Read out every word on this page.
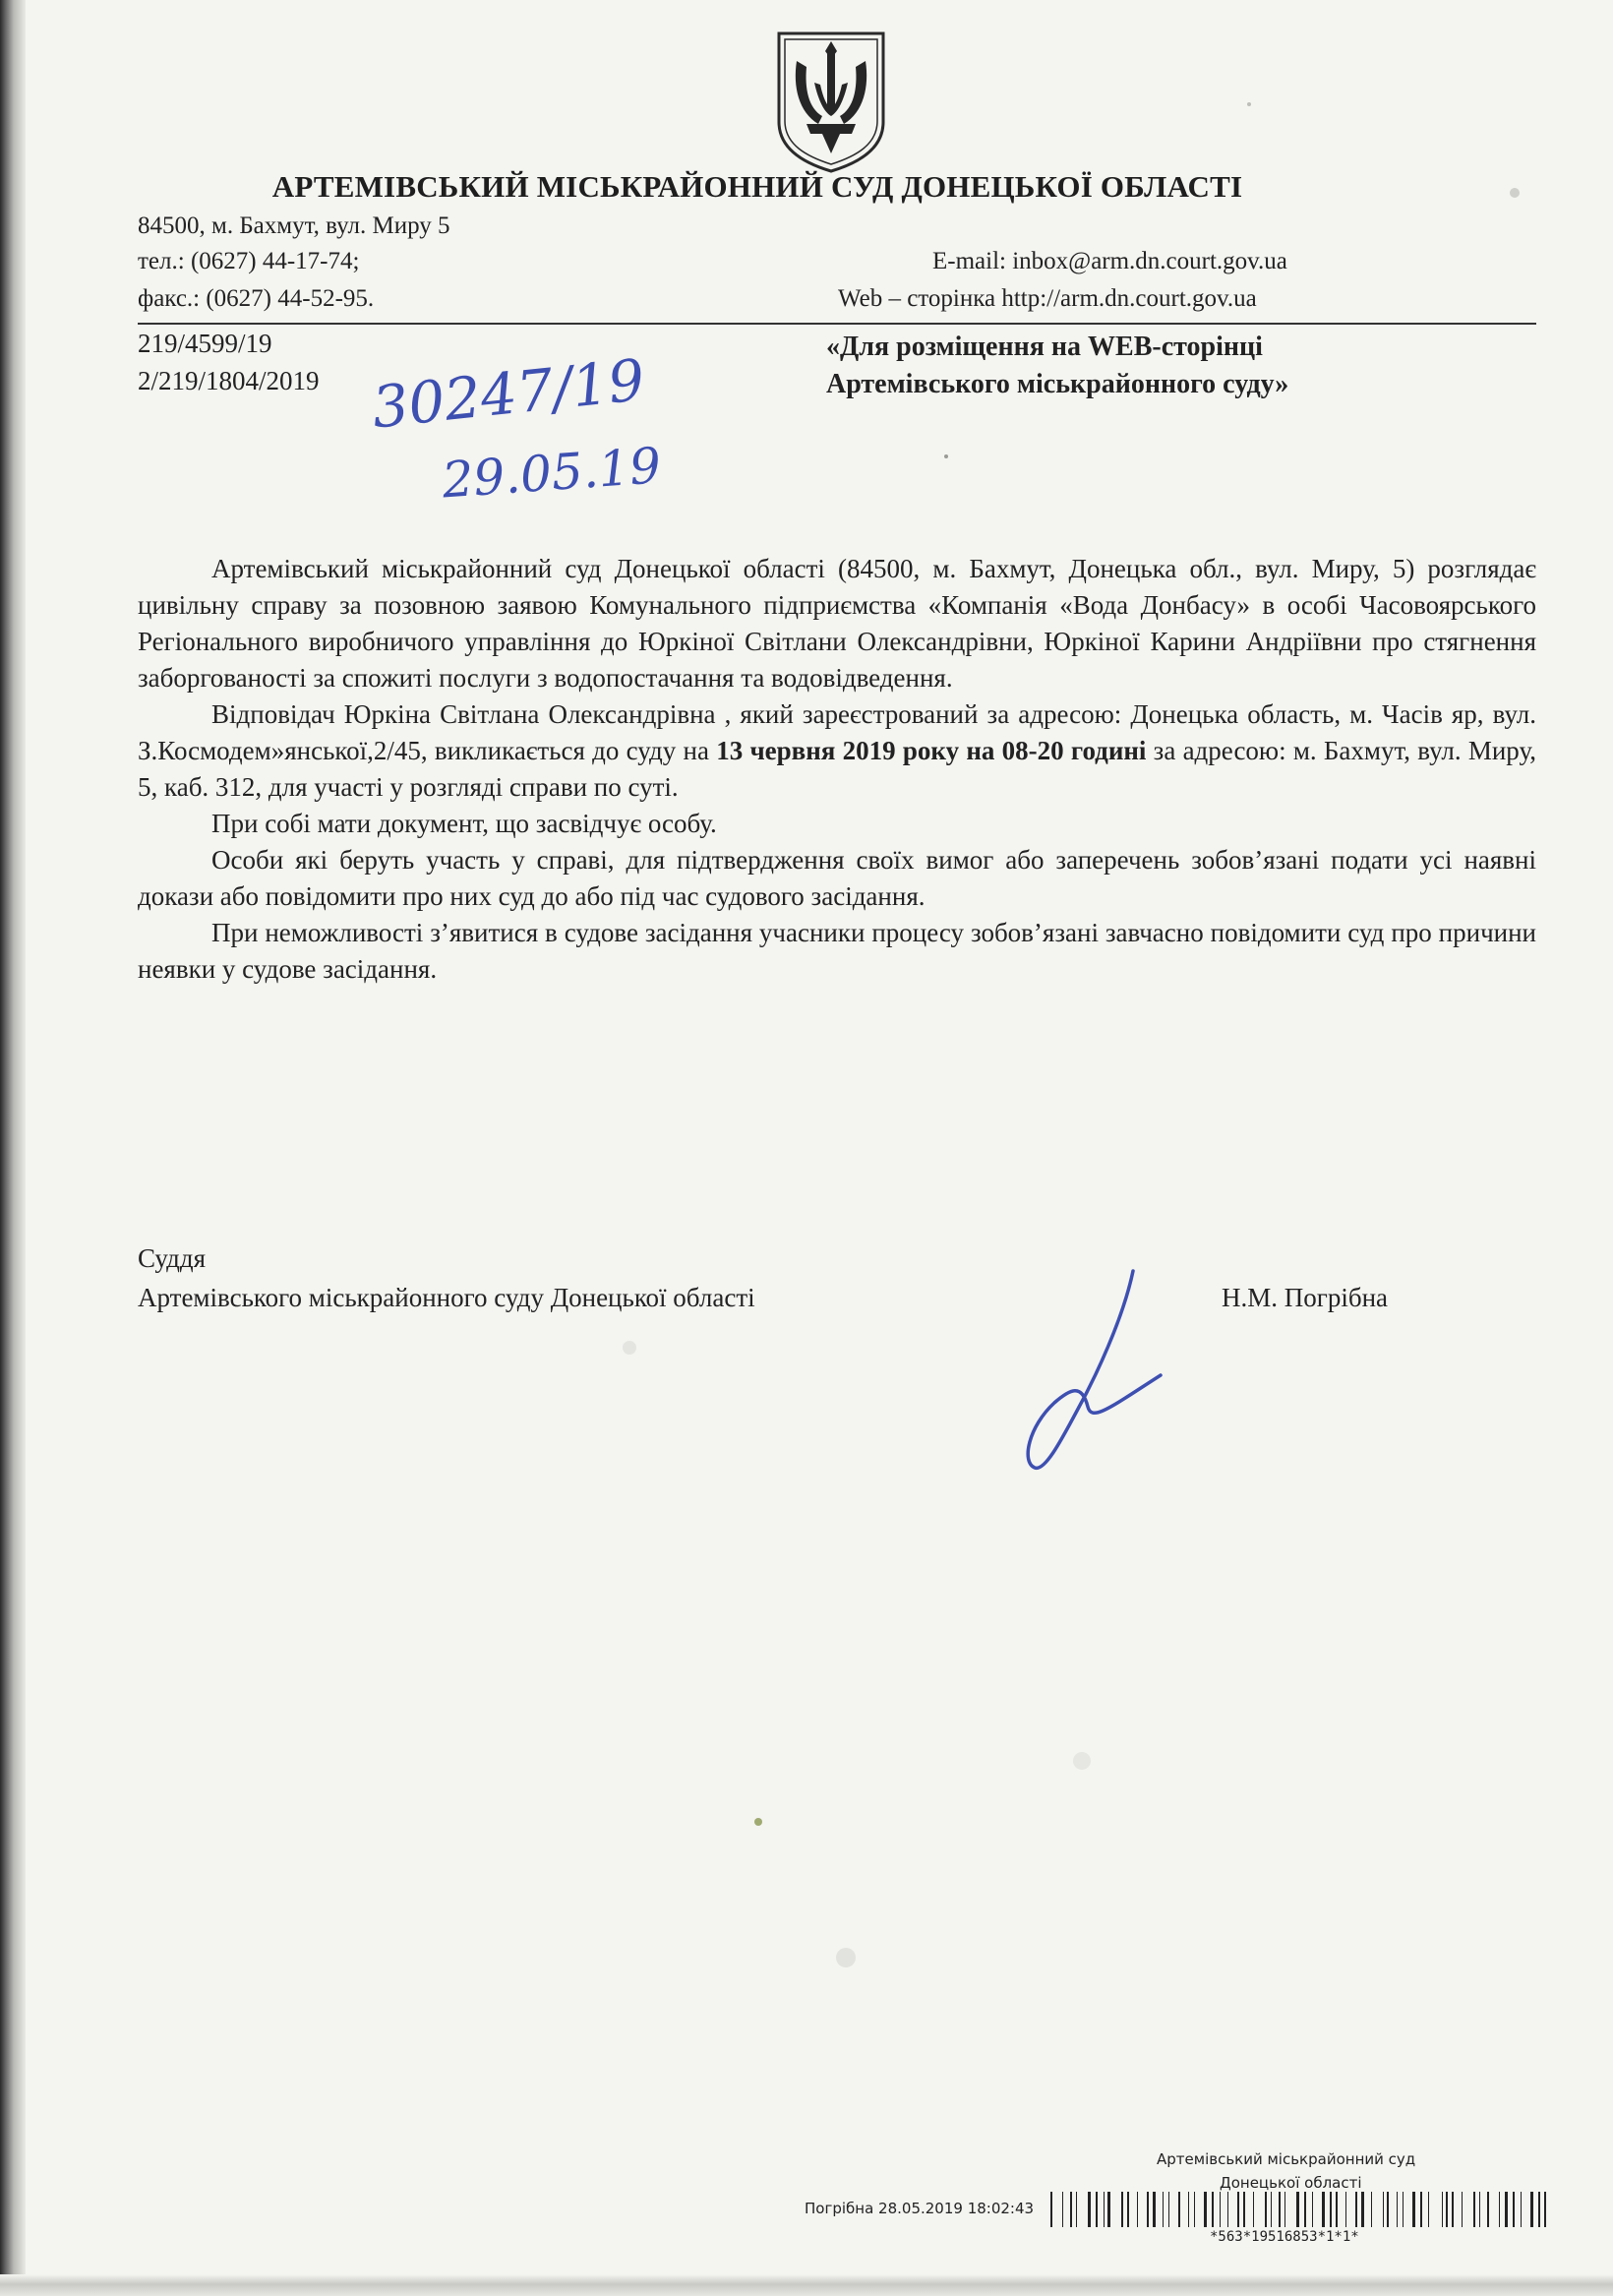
АРТЕМІВСЬКИЙ МІСЬКРАЙОННИЙ СУД ДОНЕЦЬКОЇ ОБЛАСТІ
84500, м. Бахмут, вул. Миру 5
тел.: (0627) 44-17-74;
факс.: (0627) 44-52-95.
E-mail: inbox@arm.dn.court.gov.ua
Web – сторінка http://arm.dn.court.gov.ua
219/4599/19
2/219/1804/2019 30247/19
29.05.19
«Для розміщення на WEB-сторінці
Артемівського міськрайонного суду»

Артемівський міськрайонний суд Донецької області (84500, м. Бахмут, Донецька обл., вул. Миру, 5) розглядає цивільну справу за позовною заявою Комунального підприємства «Компанія «Вода Донбасу» в особі Часовоярського Регіонального виробничого управління до Юркіної Світлани Олександрівни, Юркіної Карини Андріївни про стягнення заборгованості за спожиті послуги з водопостачання та водовідведення.

Відповідач Юркіна Світлана Олександрівна , який зареєстрований за адресою: Донецька область, м. Часів яр, вул. З.Космодем»янської,2/45, викликається до суду на 13 червня 2019 року на 08-20 годині за адресою: м. Бахмут, вул. Миру, 5, каб. 312, для участі у розгляді справи по суті.

При собі мати документ, що засвідчує особу.

Особи які беруть участь у справі, для підтвердження своїх вимог або заперечень зобов’язані подати усі наявні докази або повідомити про них суд до або під час судового засідання.

При неможливості з’явитися в судове засідання учасники процесу зобов’язані завчасно повідомити суд про причини неявки у судове засідання.

Суддя
Артемівського міськрайонного суду Донецької області	Н.М. Погрібна
Артемівський міськрайонний суд
Донецької області
Погрібна 28.05.2019 18:02:43
*563*19516853*1*1*
